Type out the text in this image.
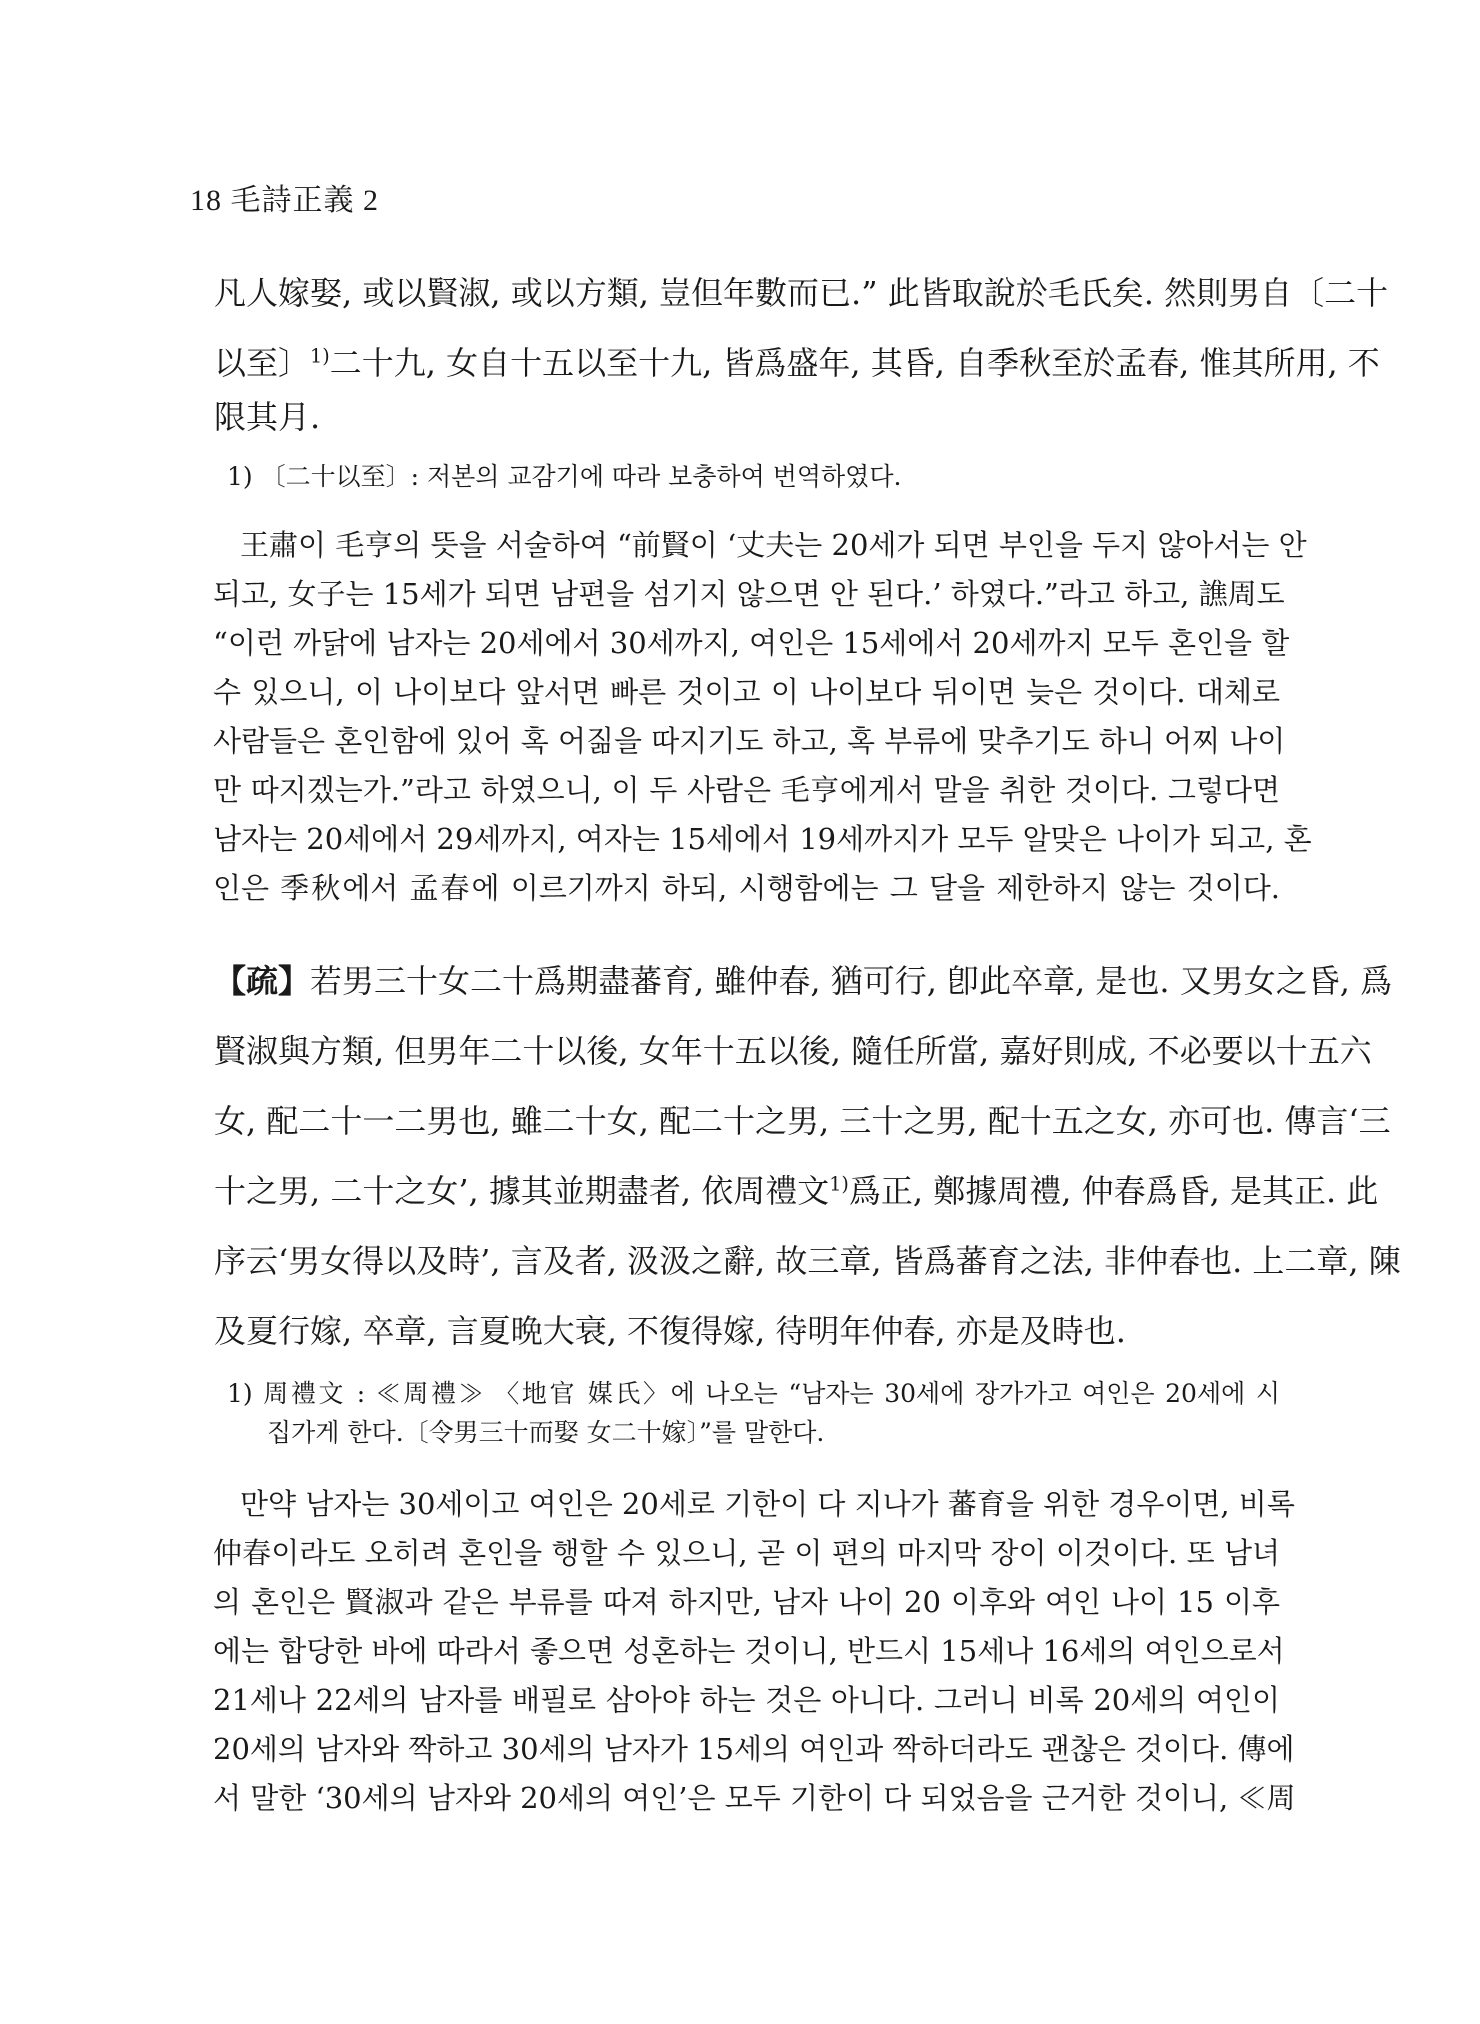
18 毛詩正義 2
凡人嫁娶, 或以賢淑, 或以方類, 豈但年數而已.” 此皆取說於毛氏矣. 然則男自〔二十
以至〕$^{1)}$二十九, 女自十五以至十九, 皆爲盛年, 其昏, 自季秋至於孟春, 惟其所用, 不
限其月.
1) 〔二十以至〕: 저본의 교감기에 따라 보충하여 번역하였다.
王肅이 毛亨의 뜻을 서술하여 “前賢이 ‘丈夫는 20세가 되면 부인을 두지 않아서는 안
되고, 女子는 15세가 되면 남편을 섬기지 않으면 안 된다.’ 하였다.”라고 하고, 譙周도
“이런 까닭에 남자는 20세에서 30세까지, 여인은 15세에서 20세까지 모두 혼인을 할
수 있으니, 이 나이보다 앞서면 빠른 것이고 이 나이보다 뒤이면 늦은 것이다. 대체로
사람들은 혼인함에 있어 혹 어짊을 따지기도 하고, 혹 부류에 맞추기도 하니 어찌 나이
만 따지겠는가.”라고 하였으니, 이 두 사람은 毛亨에게서 말을 취한 것이다. 그렇다면
남자는 20세에서 29세까지, 여자는 15세에서 19세까지가 모두 알맞은 나이가 되고, 혼
인은 季秋에서 孟春에 이르기까지 하되, 시행함에는 그 달을 제한하지 않는 것이다.
【疏】若男三十女二十爲期盡蕃育, 雖仲春, 猶可行, 卽此卒章, 是也. 又男女之昏, 爲
賢淑與方類, 但男年二十以後, 女年十五以後, 隨任所當, 嘉好則成, 不必要以十五六
女, 配二十一二男也, 雖二十女, 配二十之男, 三十之男, 配十五之女, 亦可也. 傳言‘三
十之男, 二十之女’, 據其並期盡者, 依周禮文$^{1)}$爲正, 鄭據周禮, 仲春爲昏, 是其正. 此
序云‘男女得以及時’, 言及者, 汲汲之辭, 故三章, 皆爲蕃育之法, 非仲春也. 上二章, 陳
及夏行嫁, 卒章, 言夏晩大衰, 不復得嫁, 待明年仲春, 亦是及時也.
1) 周禮文 : ≪周禮≫ 〈地官 媒氏〉에 나오는 “남자는 30세에 장가가고 여인은 20세에 시
집가게 한다.〔令男三十而娶 女二十嫁〕”를 말한다.
만약 남자는 30세이고 여인은 20세로 기한이 다 지나가 蕃育을 위한 경우이면, 비록
仲春이라도 오히려 혼인을 행할 수 있으니, 곧 이 편의 마지막 장이 이것이다. 또 남녀
의 혼인은 賢淑과 같은 부류를 따져 하지만, 남자 나이 20 이후와 여인 나이 15 이후
에는 합당한 바에 따라서 좋으면 성혼하는 것이니, 반드시 15세나 16세의 여인으로서
21세나 22세의 남자를 배필로 삼아야 하는 것은 아니다. 그러니 비록 20세의 여인이
20세의 남자와 짝하고 30세의 남자가 15세의 여인과 짝하더라도 괜찮은 것이다. 傳에
서 말한 ‘30세의 남자와 20세의 여인’은 모두 기한이 다 되었음을 근거한 것이니, ≪周
